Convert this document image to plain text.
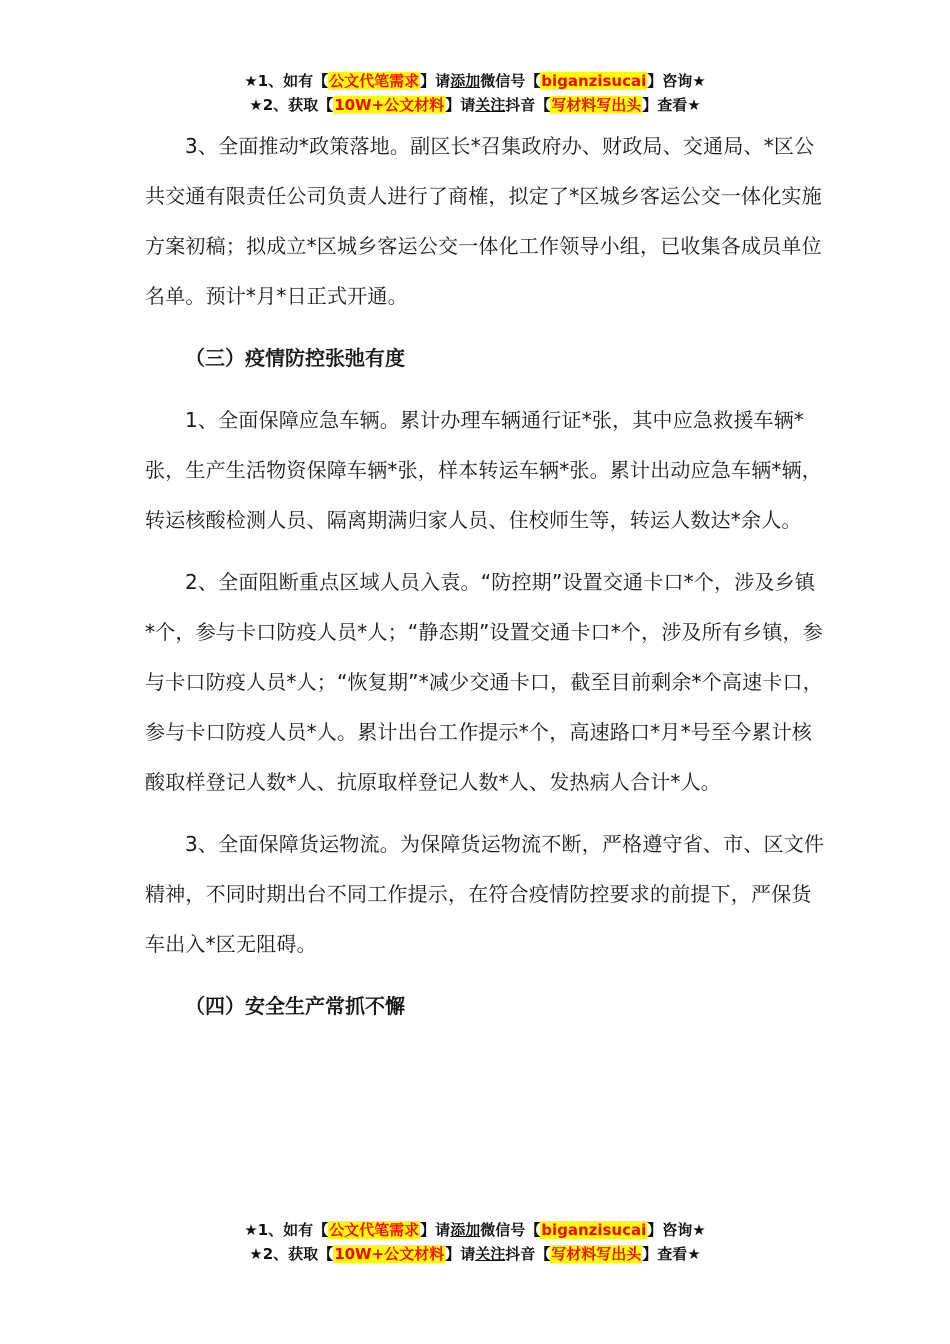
★1、如有【公文代笔需求】请添加微信号【biganzisucai】咨询★
★2、获取【10W+公文材料】请关注抖音【写材料写出头】查看★

3、全面推动*政策落地。副区长*召集政府办、财政局、交通局、*区公共交通有限责任公司负责人进行了商榷，拟定了*区城乡客运公交一体化实施方案初稿；拟成立*区城乡客运公交一体化工作领导小组，已收集各成员单位名单。预计*月*日正式开通。

（三）疫情防控张弛有度

1、全面保障应急车辆。累计办理车辆通行证*张，其中应急救援车辆*张，生产生活物资保障车辆*张，样本转运车辆*张。累计出动应急车辆*辆，转运核酸检测人员、隔离期满归家人员、住校师生等，转运人数达*余人。

2、全面阻断重点区域人员入袁。“防控期”设置交通卡口*个，涉及乡镇*个，参与卡口防疫人员*人；“静态期”设置交通卡口*个，涉及所有乡镇，参与卡口防疫人员*人；“恢复期”*减少交通卡口，截至目前剩余*个高速卡口，参与卡口防疫人员*人。累计出台工作提示*个，高速路口*月*号至今累计核酸取样登记人数*人、抗原取样登记人数*人、发热病人合计*人。

3、全面保障货运物流。为保障货运物流不断，严格遵守省、市、区文件精神，不同时期出台不同工作提示，在符合疫情防控要求的前提下，严保货车出入*区无阻碍。

（四）安全生产常抓不懈

★1、如有【公文代笔需求】请添加微信号【biganzisucai】咨询★
★2、获取【10W+公文材料】请关注抖音【写材料写出头】查看★
